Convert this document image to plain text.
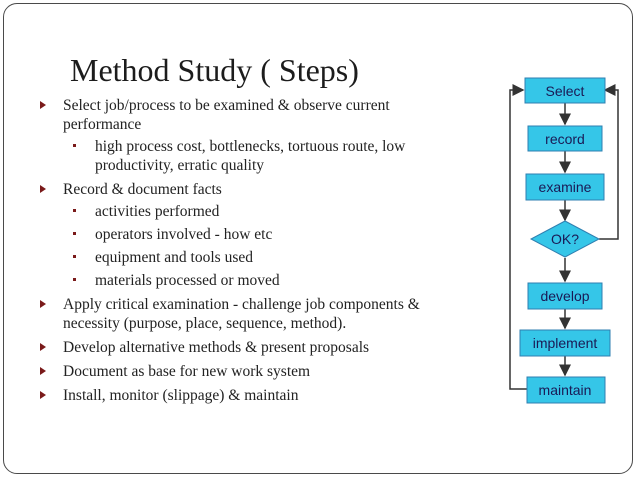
Method Study ( Steps)
Select job/process to be examined & observe current performance
high process cost, bottlenecks, tortuous route, low productivity, erratic quality
Record & document facts
activities performed
operators involved - how etc
equipment and tools used
materials processed or moved
Apply critical examination - challenge job components & necessity (purpose, place, sequence, method).
Develop alternative methods & present proposals
Document as base for new work system
Install, monitor (slippage) & maintain
Select
record
examine
OK?
develop
implement
maintain
